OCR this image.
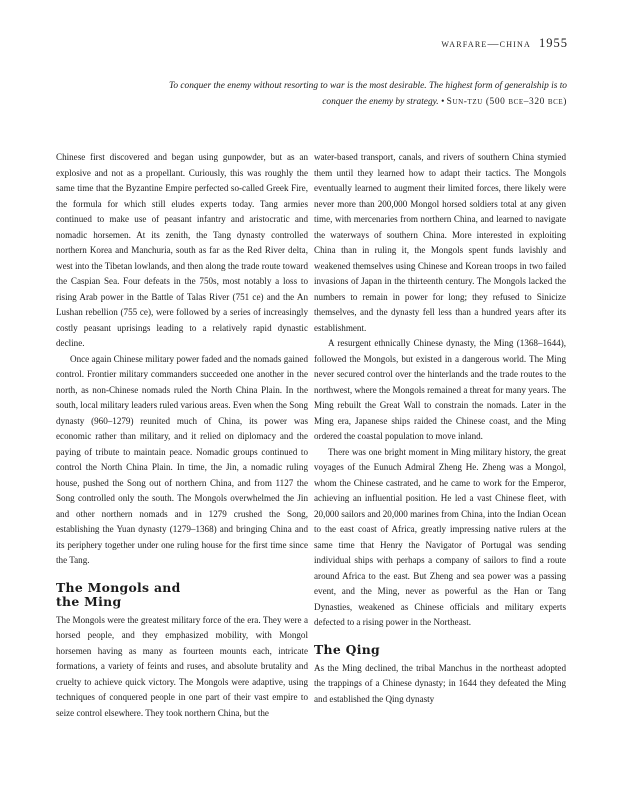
warfare—china 1955
To conquer the enemy without resorting to war is the most desirable. The highest form of generalship is to conquer the enemy by strategy. • Sun-tzu (500 bce–320 bce)

Chinese first discovered and began using gunpowder, but as an explosive and not as a propellant. Curiously, this was roughly the same time that the Byzantine Empire perfected so-called Greek Fire, the formula for which still eludes experts today. Tang armies continued to make use of peasant infantry and aristocratic and nomadic horsemen. At its zenith, the Tang dynasty controlled northern Korea and Manchuria, south as far as the Red River delta, west into the Tibetan lowlands, and then along the trade route toward the Caspian Sea. Four defeats in the 750s, most notably a loss to rising Arab power in the Battle of Talas River (751 ce) and the An Lushan rebellion (755 ce), were followed by a series of increasingly costly peasant uprisings leading to a relatively rapid dynastic decline.

Once again Chinese military power faded and the nomads gained control. Frontier military commanders succeeded one another in the north, as non-Chinese nomads ruled the North China Plain. In the south, local military leaders ruled various areas. Even when the Song dynasty (960–1279) reunited much of China, its power was economic rather than military, and it relied on diplomacy and the paying of tribute to maintain peace. Nomadic groups continued to control the North China Plain. In time, the Jin, a nomadic ruling house, pushed the Song out of northern China, and from 1127 the Song controlled only the south. The Mongols overwhelmed the Jin and other northern nomads and in 1279 crushed the Song, establishing the Yuan dynasty (1279–1368) and bringing China and its periphery together under one ruling house for the first time since the Tang.

The Mongols and
the Ming

The Mongols were the greatest military force of the era. They were a horsed people, and they emphasized mobility, with Mongol horsemen having as many as fourteen mounts each, intricate formations, a variety of feints and ruses, and absolute brutality and cruelty to achieve quick victory. The Mongols were adaptive, using techniques of conquered people in one part of their vast empire to seize control elsewhere. They took northern China, but the

water-based transport, canals, and rivers of southern China stymied them until they learned how to adapt their tactics. The Mongols eventually learned to augment their limited forces, there likely were never more than 200,000 Mongol horsed soldiers total at any given time, with mercenaries from northern China, and learned to navigate the waterways of southern China. More interested in exploiting China than in ruling it, the Mongols spent funds lavishly and weakened themselves using Chinese and Korean troops in two failed invasions of Japan in the thirteenth century. The Mongols lacked the numbers to remain in power for long; they refused to Sinicize themselves, and the dynasty fell less than a hundred years after its establishment.

A resurgent ethnically Chinese dynasty, the Ming (1368–1644), followed the Mongols, but existed in a dangerous world. The Ming never secured control over the hinterlands and the trade routes to the northwest, where the Mongols remained a threat for many years. The Ming rebuilt the Great Wall to constrain the nomads. Later in the Ming era, Japanese ships raided the Chinese coast, and the Ming ordered the coastal population to move inland.

There was one bright moment in Ming military history, the great voyages of the Eunuch Admiral Zheng He. Zheng was a Mongol, whom the Chinese castrated, and he came to work for the Emperor, achieving an influential position. He led a vast Chinese fleet, with 20,000 sailors and 20,000 marines from China, into the Indian Ocean to the east coast of Africa, greatly impressing native rulers at the same time that Henry the Navigator of Portugal was sending individual ships with perhaps a company of sailors to find a route around Africa to the east. But Zheng and sea power was a passing event, and the Ming, never as powerful as the Han or Tang Dynasties, weakened as Chinese officials and military experts defected to a rising power in the Northeast.

The Qing

As the Ming declined, the tribal Manchus in the northeast adopted the trappings of a Chinese dynasty; in 1644 they defeated the Ming and established the Qing dynasty
